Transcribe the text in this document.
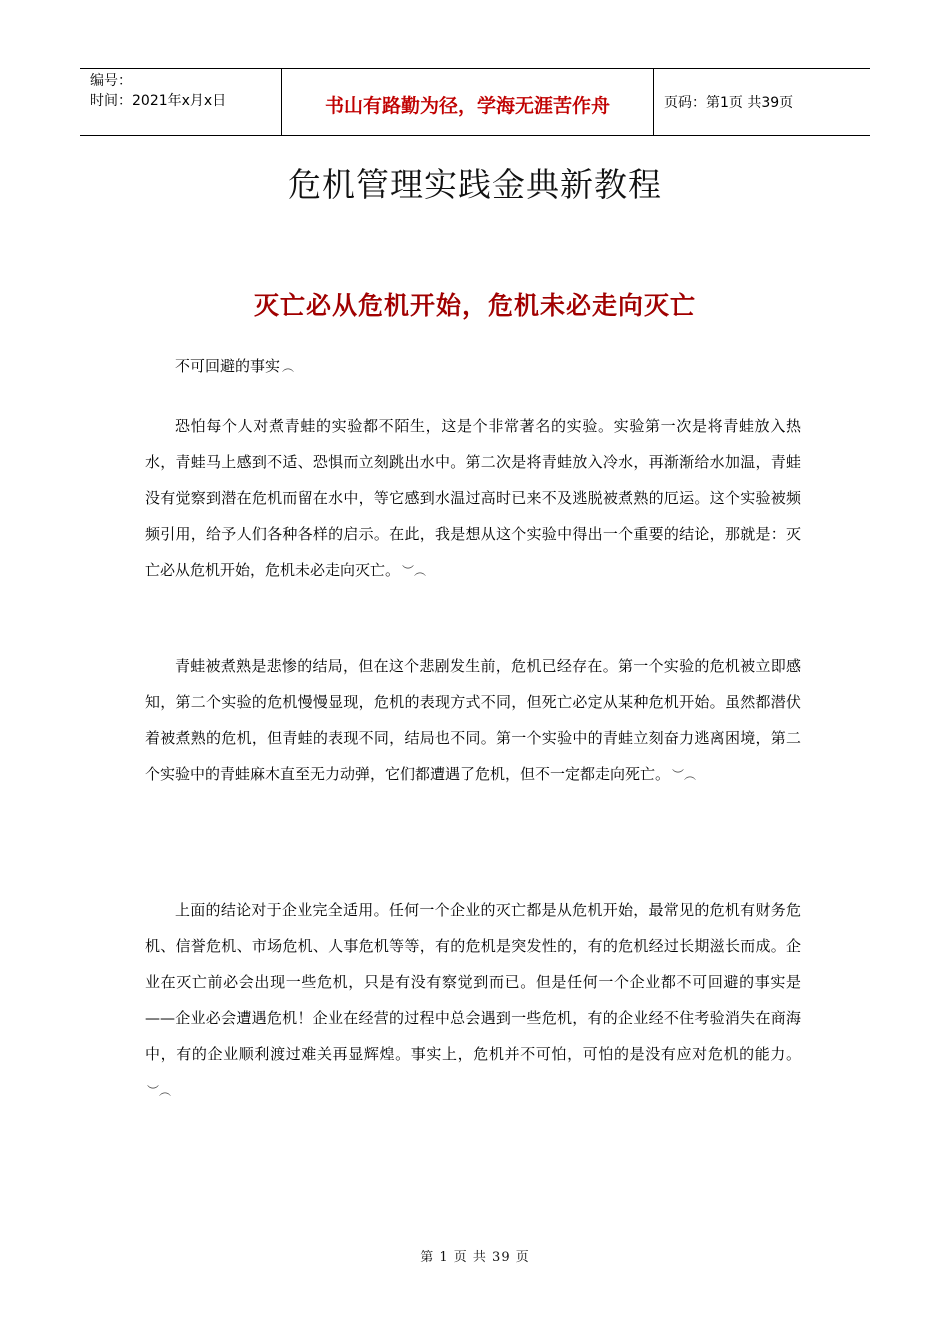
编号：
时间：2021年x月x日	书山有路勤为径，学海无涯苦作舟	页码：第1页 共39页
危机管理实践金典新教程
灭亡必从危机开始，危机未必走向灭亡
不可回避的事实 ︵
恐怕每个人对煮青蛙的实验都不陌生，这是个非常著名的实验。实验第一次是将青蛙放入热水，青蛙马上感到不适、恐惧而立刻跳出水中。第二次是将青蛙放入冷水，再渐渐给水加温，青蛙没有觉察到潜在危机而留在水中，等它感到水温过高时已来不及逃脱被煮熟的厄运。这个实验被频频引用，给予人们各种各样的启示。在此，我是想从这个实验中得出一个重要的结论，那就是：灭亡必从危机开始，危机未必走向灭亡。 ︶︵
青蛙被煮熟是悲惨的结局，但在这个悲剧发生前，危机已经存在。第一个实验的危机被立即感知，第二个实验的危机慢慢显现，危机的表现方式不同，但死亡必定从某种危机开始。虽然都潜伏着被煮熟的危机，但青蛙的表现不同，结局也不同。第一个实验中的青蛙立刻奋力逃离困境，第二个实验中的青蛙麻木直至无力动弹，它们都遭遇了危机，但不一定都走向死亡。 ︶︵
上面的结论对于企业完全适用。任何一个企业的灭亡都是从危机开始，最常见的危机有财务危机、信誉危机、市场危机、人事危机等等，有的危机是突发性的，有的危机经过长期滋长而成。企业在灭亡前必会出现一些危机，只是有没有察觉到而已。但是任何一个企业都不可回避的事实是——企业必会遭遇危机！企业在经营的过程中总会遇到一些危机，有的企业经不住考验消失在商海中，有的企业顺利渡过难关再显辉煌。事实上，危机并不可怕，可怕的是没有应对危机的能力。︶︵
第 1 页 共 39 页
